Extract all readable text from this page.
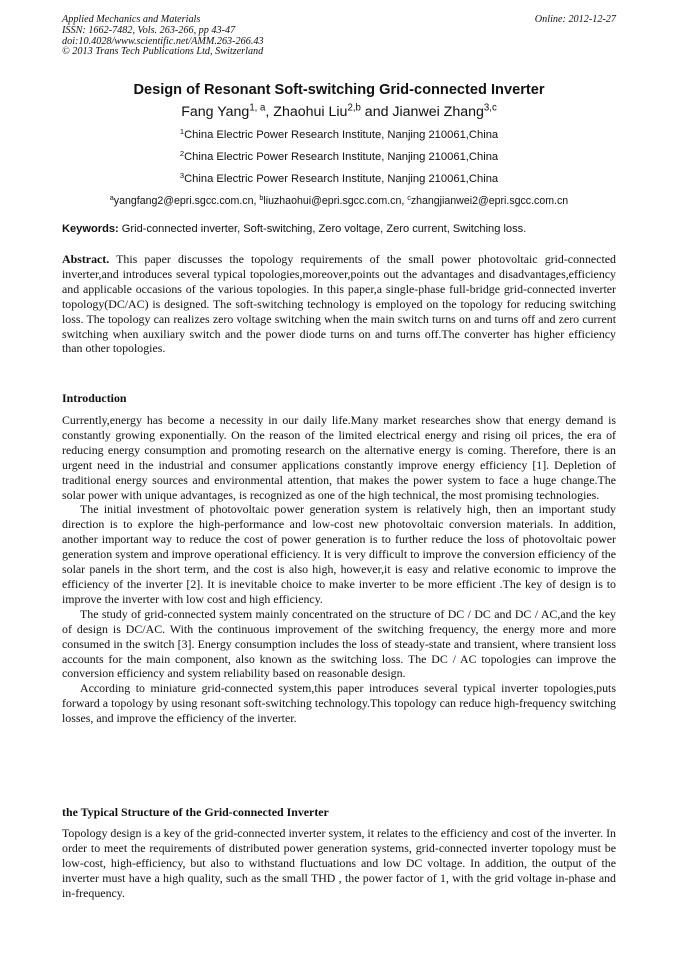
Applied Mechanics and Materials
ISSN: 1662-7482, Vols. 263-266, pp 43-47
doi:10.4028/www.scientific.net/AMM.263-266.43
© 2013 Trans Tech Publications Ltd, Switzerland
Online: 2012-12-27
Design of Resonant Soft-switching Grid-connected Inverter
Fang Yang$^{1, a}$, Zhaohui Liu$^{2,b}$ and Jianwei Zhang$^{3,c}$
$^1$China Electric Power Research Institute, Nanjing 210061,China
$^2$China Electric Power Research Institute, Nanjing 210061,China
$^3$China Electric Power Research Institute, Nanjing 210061,China
$^a$yangfang2@epri.sgcc.com.cn, $^b$liuzhaohui@epri.sgcc.com.cn, $^c$zhangjianwei2@epri.sgcc.com.cn
Keywords: Grid-connected inverter, Soft-switching, Zero voltage, Zero current, Switching loss.

Abstract. This paper discusses the topology requirements of the small power photovoltaic grid-connected inverter,and introduces several typical topologies,moreover,points out the advantages and disadvantages,efficiency and applicable occasions of the various topologies. In this paper,a single-phase full-bridge grid-connected inverter topology(DC/AC) is designed. The soft-switching technology is employed on the topology for reducing switching loss. The topology can realizes zero voltage switching when the main switch turns on and turns off and zero current switching when auxiliary switch and the power diode turns on and turns off.The converter has higher efficiency than other topologies.

Introduction

Currently,energy has become a necessity in our daily life.Many market researches show that energy demand is constantly growing exponentially. On the reason of the limited electrical energy and rising oil prices, the era of reducing energy consumption and promoting research on the alternative energy is coming. Therefore, there is an urgent need in the industrial and consumer applications constantly improve energy efficiency [1]. Depletion of traditional energy sources and environmental attention, that makes the power system to face a huge change.The solar power with unique advantages, is recognized as one of the high technical, the most promising technologies.

The initial investment of photovoltaic power generation system is relatively high, then an important study direction is to explore the high-performance and low-cost new photovoltaic conversion materials. In addition, another important way to reduce the cost of power generation is to further reduce the loss of photovoltaic power generation system and improve operational efficiency. It is very difficult to improve the conversion efficiency of the solar panels in the short term, and the cost is also high, however,it is easy and relative economic to improve the efficiency of the inverter [2]. It is inevitable choice to make inverter to be more efficient .The key of design is to improve the inverter with low cost and high efficiency.

The study of grid-connected system mainly concentrated on the structure of DC / DC and DC / AC,and the key of design is DC/AC. With the continuous improvement of the switching frequency, the energy more and more consumed in the switch [3]. Energy consumption includes the loss of steady-state and transient, where transient loss accounts for the main component, also known as the switching loss. The DC / AC topologies can improve the conversion efficiency and system reliability based on reasonable design.

According to miniature grid-connected system,this paper introduces several typical inverter topologies,puts forward a topology by using resonant soft-switching technology.This topology can reduce high-frequency switching losses, and improve the efficiency of the inverter.

the Typical Structure of the Grid-connected Inverter

Topology design is a key of the grid-connected inverter system, it relates to the efficiency and cost of the inverter. In order to meet the requirements of distributed power generation systems, grid-connected inverter topology must be low-cost, high-efficiency, but also to withstand fluctuations and low DC voltage. In addition, the output of the inverter must have a high quality, such as the small THD , the power factor of 1, with the grid voltage in-phase and in-frequency.
